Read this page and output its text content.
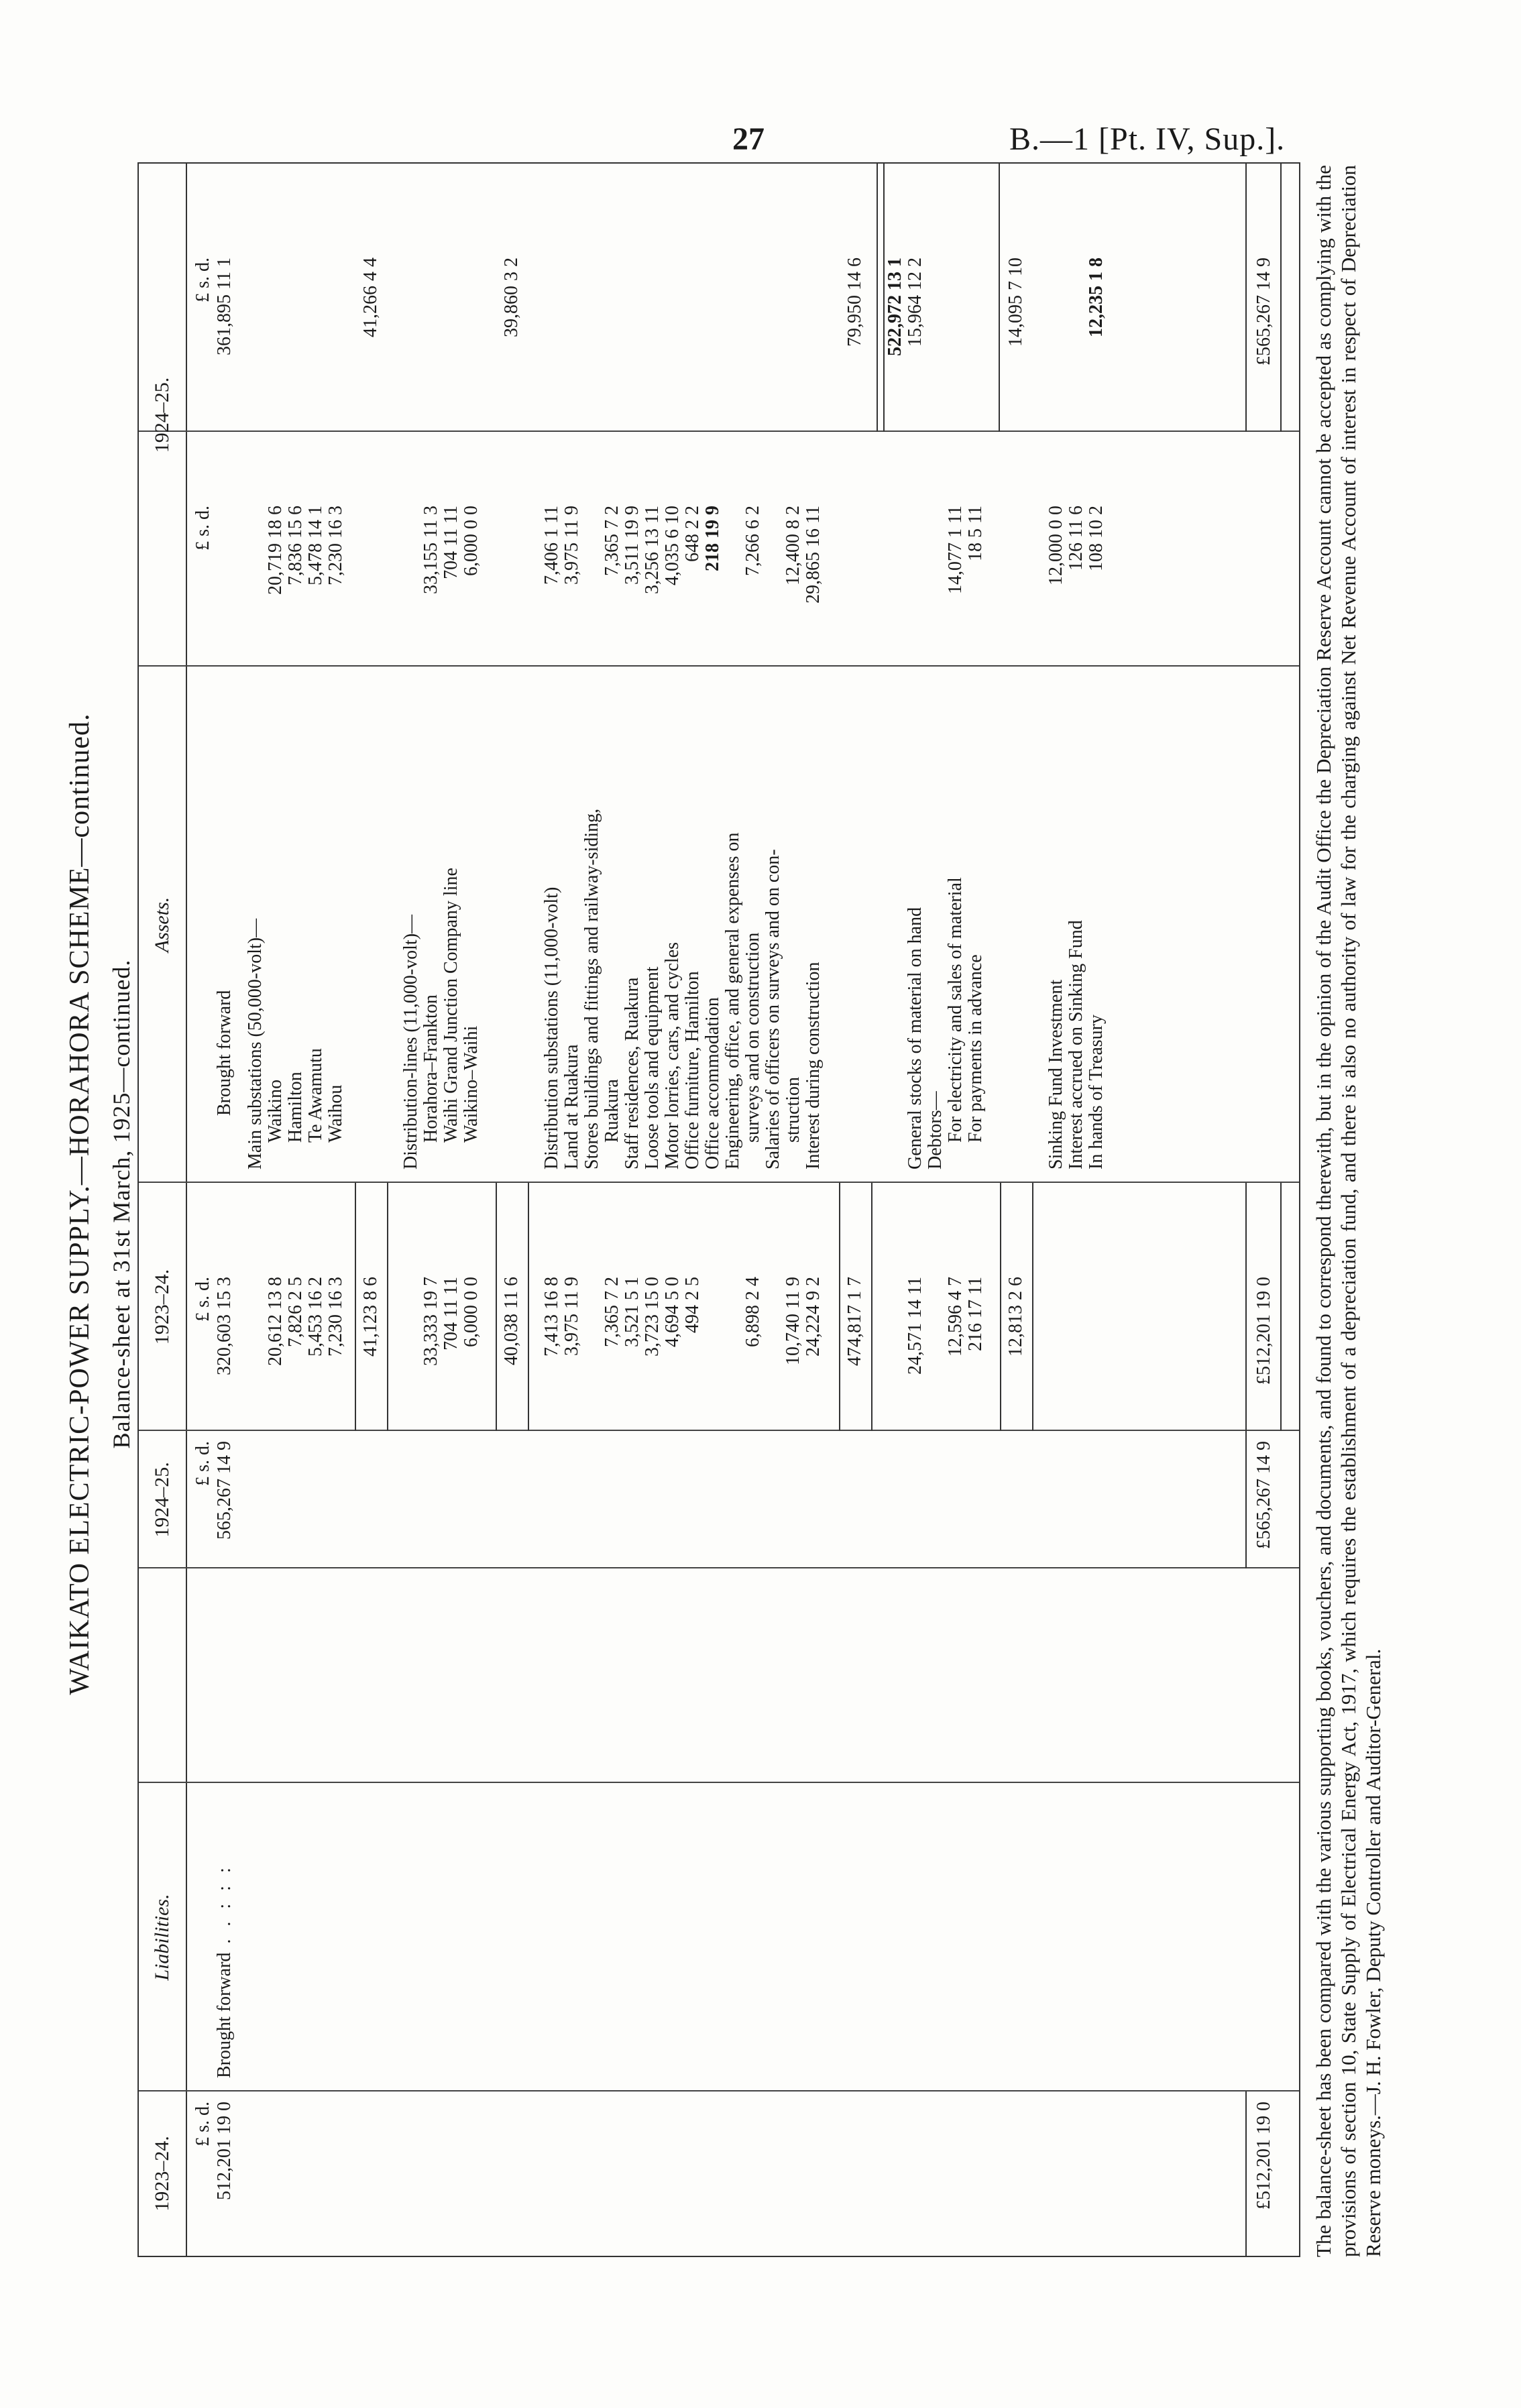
27	B.—1 [Pt. IV, Sup.].
WAIKATO ELECTRIC-POWER SUPPLY.—HORAHORA SCHEME—continued. Balance-sheet at 31st March, 1925—continued.
1923–24.
Liabilities.
1924–25.
1923–24.
Assets.
1924–25.
£ s. d.
£ s. d.
£ s. d.
£ s. d.
£ s. d.
512,201 19 0
Brought forward . . : : :
565,267 14 9
£512,201 19 0
£565,267 14 9
£512,201 19 0
£565,267 14 9
Brought forward
320,603 15 3
361,895 11 1
Main substations (50,000-volt)— Waikino
20,612 13 8
20,719 18 6
Hamilton
7,826 2 5
7,836 15 6
Te Awamutu
5,453 16 2
5,478 14 1
Waihou
7,230 16 3
7,230 16 3
41,123 8 6
41,266 4 4
Distribution-lines (11,000-volt)— Horahora–Frankton
33,333 19 7
33,155 11 3
Waihi Grand Junction Company line
704 11 11
704 11 11
Waikino–Waihi
6,000 0 0
6,000 0 0
40,038 11 6
39,860 3 2
Distribution substations (11,000-volt)
7,413 16 8
7,406 1 11
Land at Ruakura
3,975 11 9
3,975 11 9
Stores buildings and fittings and railway-siding, Ruakura
7,365 7 2
7,365 7 2
Staff residences, Ruakura
3,521 5 1
3,511 19 9
Loose tools and equipment
3,723 15 0
3,256 13 11
Motor lorries, cars, and cycles
4,694 5 0
4,035 6 10
Office furniture, Hamilton
494 2 5
648 2 2
Office accommodation
218 19 9
Engineering, office, and general expenses on surveys and on construction
6,898 2 4
7,266 6 2
Salaries of officers on surveys and on con- struction
10,740 11 9
12,400 8 2
Interest during construction
24,224 9 2
29,865 16 11
474,817 1 7
79,950 14 6 522,972 13 1
General stocks of material on hand
24,571 14 11
15,964 12 2
Debtors— For electricity and sales of material
12,596 4 7
14,077 1 11
For payments in advance
216 17 11
18 5 11
12,813 2 6
14,095 7 10
Sinking Fund Investment
12,000 0 0
Interest accrued on Sinking Fund
126 11 6
In hands of Treasury
108 10 2
12,235 1 8	The balance-sheet has been compared with the various supporting books, vouchers, and documents, and found to correspond therewith, but in the opinion of the Audit Office the Depreciation Reserve Account cannot be accepted as complying with the provisions of section 10, State Supply of Electrical Energy Act, 1917, which requires the establishment of a depreciation fund, and there is also no authority of law for the charging against Net Revenue Account of interest in respect of Depreciation Reserve moneys.—J. H. Fowler, Deputy Controller and Auditor-General.
